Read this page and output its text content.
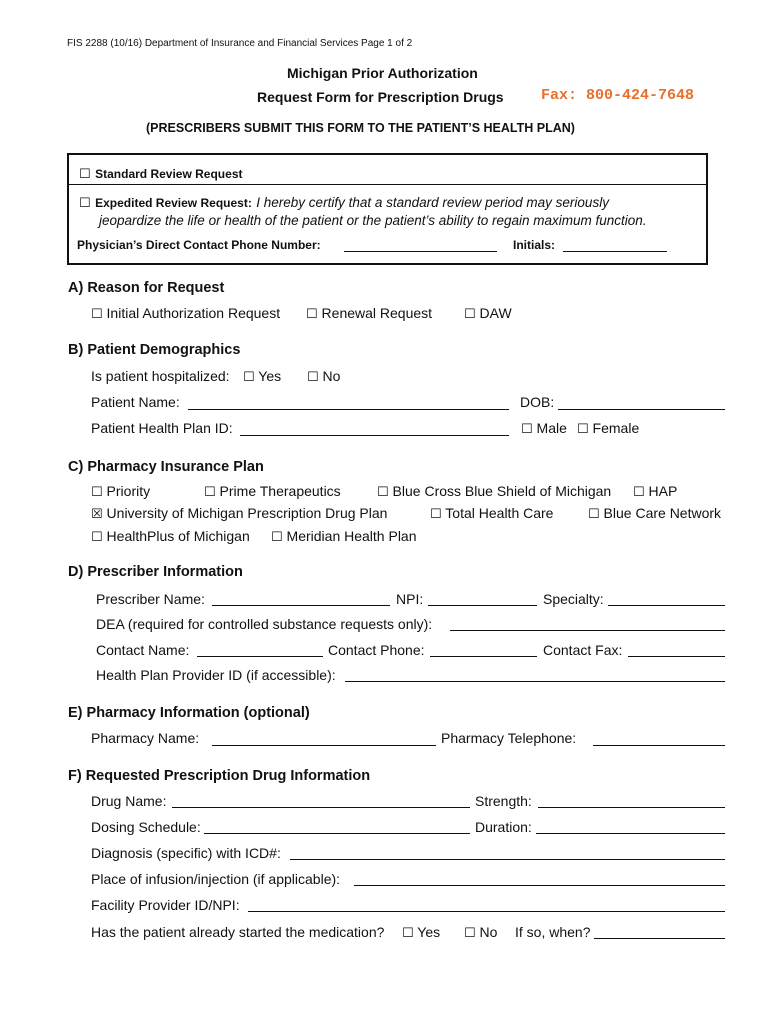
FIS 2288 (10/16) Department of Insurance and Financial Services Page 1 of 2
Michigan Prior Authorization
Request Form for Prescription Drugs Fax: 800-424-7648
(PRESCRIBERS SUBMIT THIS FORM TO THE PATIENT’S HEALTH PLAN)
☐ Standard Review Request
☐ Expedited Review Request: I hereby certify that a standard review period may seriously
jeopardize the life or health of the patient or the patient’s ability to regain maximum function.
Physician’s Direct Contact Phone Number:	Initials:
A) Reason for Request
☐ Initial Authorization Request ☐ Renewal Request ☐ DAW
B) Patient Demographics
Is patient hospitalized: ☐ Yes ☐ No
Patient Name:	DOB:
Patient Health Plan ID:	☐ Male ☐ Female
C) Pharmacy Insurance Plan
☐ Priority	☐ Prime Therapeutics	☐ Blue Cross Blue Shield of Michigan ☐ HAP
☒ University of Michigan Prescription Drug Plan	☐ Total Health Care	☐ Blue Care Network
☐ HealthPlus of Michigan ☐ Meridian Health Plan
D) Prescriber Information
Prescriber Name:	NPI:	Specialty:
DEA (required for controlled substance requests only):
Contact Name:	Contact Phone:	Contact Fax:
Health Plan Provider ID (if accessible):
E) Pharmacy Information (optional)
Pharmacy Name:	Pharmacy Telephone:
F) Requested Prescription Drug Information
Drug Name:	Strength:
Dosing Schedule:	Duration:
Diagnosis (specific) with ICD#:
Place of infusion/injection (if applicable):
Facility Provider ID/NPI:
Has the patient already started the medication? ☐ Yes ☐ No If so, when?
